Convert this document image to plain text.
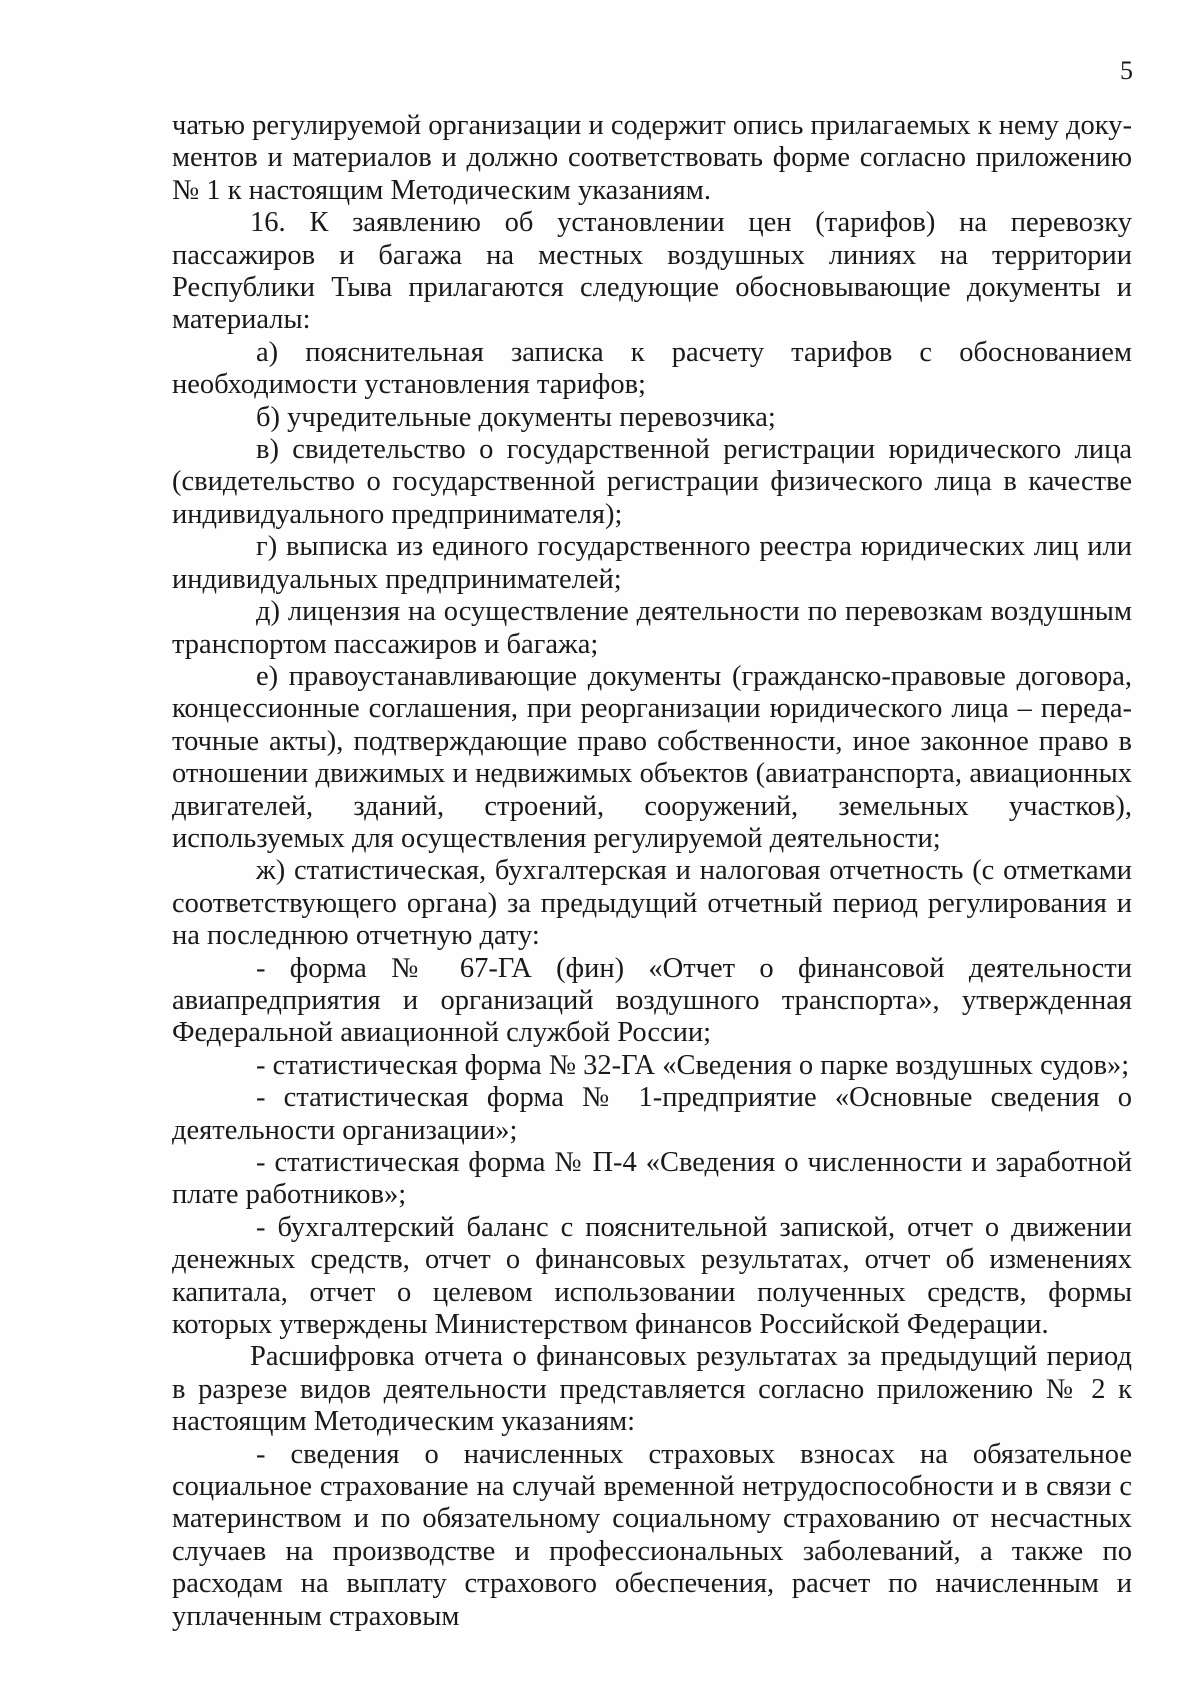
5

чатью регулируемой организации и содержит опись прилагаемых к нему документов и материалов и должно соответствовать форме согласно приложению № 1 к настоящим Методическим указаниям.

16. К заявлению об установлении цен (тарифов) на перевозку пассажиров и багажа на местных воздушных линиях на территории Республики Тыва прилагаются следующие обосновывающие документы и материалы:

а) пояснительная записка к расчету тарифов с обоснованием необходимости установления тарифов;

б) учредительные документы перевозчика;

в) свидетельство о государственной регистрации юридического лица (свидетельство о государственной регистрации физического лица в качестве индивидуального предпринимателя);

г) выписка из единого государственного реестра юридических лиц или индивидуальных предпринимателей;

д) лицензия на осуществление деятельности по перевозкам воздушным транспортом пассажиров и багажа;

е) правоустанавливающие документы (гражданско-правовые договора, концессионные соглашения, при реорганизации юридического лица – передаточные акты), подтверждающие право собственности, иное законное право в отношении движимых и недвижимых объектов (авиатранспорта, авиационных двигателей, зданий, строений, сооружений, земельных участков), используемых для осуществления регулируемой деятельности;

ж) статистическая, бухгалтерская и налоговая отчетность (с отметками соответствующего органа) за предыдущий отчетный период регулирования и на последнюю отчетную дату:

- форма № 67-ГА (фин) «Отчет о финансовой деятельности авиапредприятия и организаций воздушного транспорта», утвержденная Федеральной авиационной службой России;

- статистическая форма № 32-ГА «Сведения о парке воздушных судов»;

- статистическая форма № 1-предприятие «Основные сведения о деятельности организации»;

- статистическая форма № П-4 «Сведения о численности и заработной плате работников»;

- бухгалтерский баланс с пояснительной запиской, отчет о движении денежных средств, отчет о финансовых результатах, отчет об изменениях капитала, отчет о целевом использовании полученных средств, формы которых утверждены Министерством финансов Российской Федерации.

Расшифровка отчета о финансовых результатах за предыдущий период в разрезе видов деятельности представляется согласно приложению № 2 к настоящим Методическим указаниям:

- сведения о начисленных страховых взносах на обязательное социальное страхование на случай временной нетрудоспособности и в связи с материнством и по обязательному социальному страхованию от несчастных случаев на производстве и профессиональных заболеваний, а также по расходам на выплату страхового обеспечения, расчет по начисленным и уплаченным страховым
